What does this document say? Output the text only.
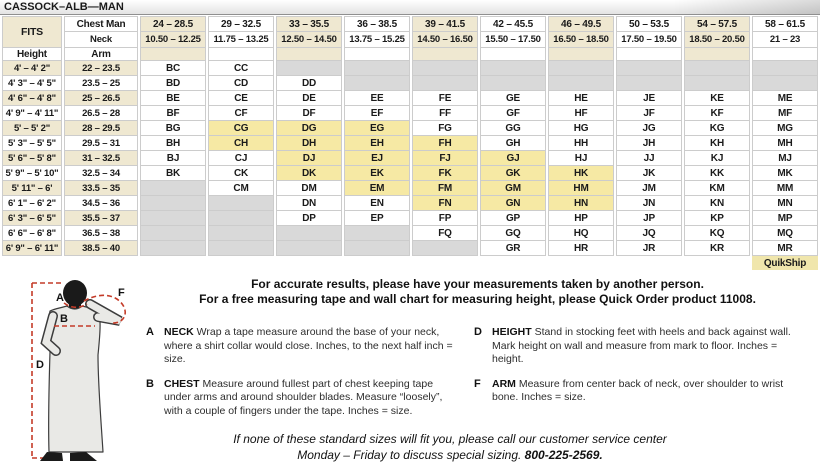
CASSOCK–ALB—MAN
FITS	Chest Man	24 – 28.5	29 – 32.5	33 – 35.5	36 – 38.5	39 – 41.5	42 – 45.5	46 – 49.5	50 – 53.5	54 – 57.5	58 – 61.5
	Neck	10.50 – 12.25	11.75 – 13.25	12.50 – 14.50	13.75 – 15.25	14.50 – 16.50	15.50 – 17.50	16.50 – 18.50	17.50 – 19.50	18.50 – 20.50	21 – 23
Height	Arm										
4' – 4' 2"	22 – 23.5	BC	CC								
4' 3" – 4' 5"	23.5 – 25	BD	CD	DD							
4' 6" – 4' 8"	25 – 26.5	BE	CE	DE	EE	FE	GE	HE	JE	KE	ME
4' 9" – 4' 11"	26.5 – 28	BF	CF	DF	EF	FF	GF	HF	JF	KF	MF
5' – 5' 2"	28 – 29.5	BG	CG	DG	EG	FG	GG	HG	JG	KG	MG
5' 3" – 5' 5"	29.5 – 31	BH	CH	DH	EH	FH	GH	HH	JH	KH	MH
5' 6" – 5' 8"	31 – 32.5	BJ	CJ	DJ	EJ	FJ	GJ	HJ	JJ	KJ	MJ
5' 9" – 5' 10"	32.5 – 34	BK	CK	DK	EK	FK	GK	HK	JK	KK	MK
5' 11" – 6'	33.5 – 35		CM	DM	EM	FM	GM	HM	JM	KM	MM
6' 1" – 6' 2"	34.5 – 36			DN	EN	FN	GN	HN	JN	KN	MN
6' 3" – 6' 5"	35.5 – 37			DP	EP	FP	GP	HP	JP	KP	MP
6' 6" – 6' 8"	36.5 – 38					FQ	GQ	HQ	JQ	KQ	MQ
6' 9" – 6' 11"	38.5 – 40						GR	HR	JR	KR	MR
											QuikShip
For accurate results, please have your measurements taken by another person.
For a free measuring tape and wall chart for measuring height, please Quick Order product 11008.
A NECK Wrap a tape measure around the base of your neck, where a shirt collar would close. Inches, to the next half inch = size.
B CHEST Measure around fullest part of chest keeping tape under arms and around shoulder blades. Measure “loosely”, with a couple of fingers under the tape. Inches = size.
D HEIGHT Stand in stocking feet with heels and back against wall. Mark height on wall and measure from mark to floor. Inches = height.
F	ARM Measure from center back of neck, over shoulder to wrist bone. Inches = size.
If none of these standard sizes will fit you, please call our customer service center
Monday – Friday to discuss special sizing. 800-225-2569.
A
B
D
F
